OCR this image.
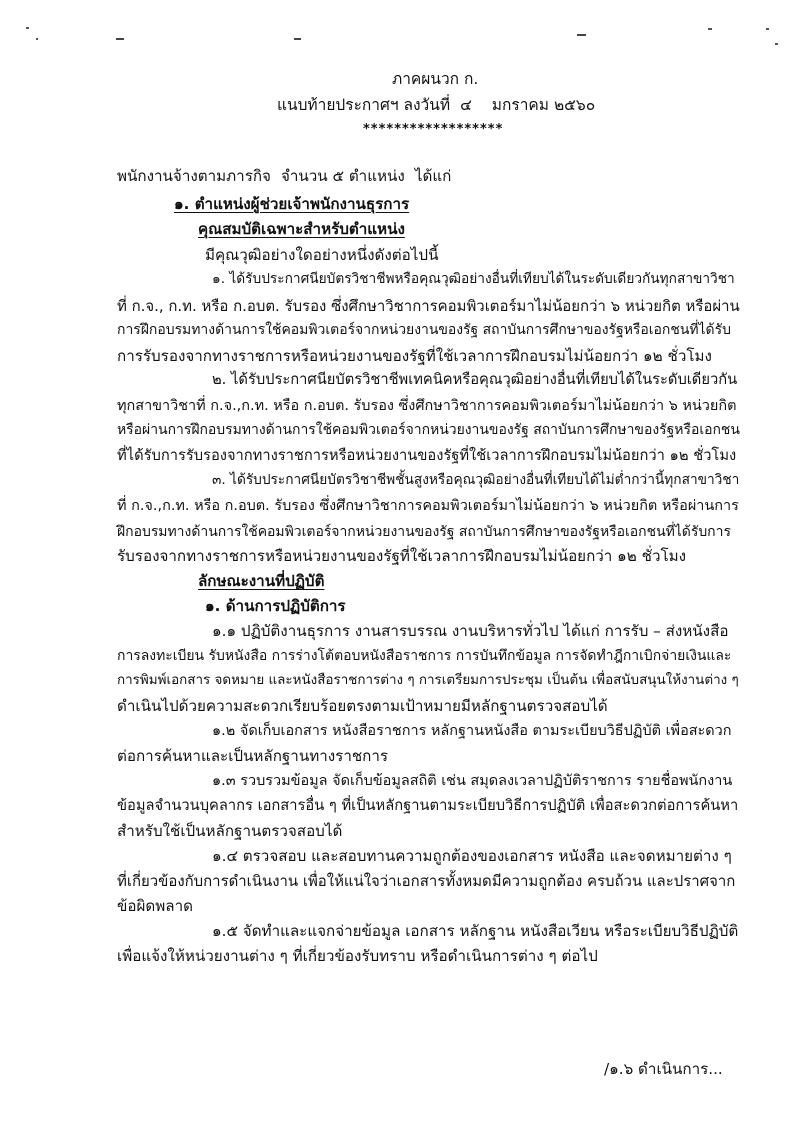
ภาคผนวก ก.
แนบท้ายประกาศฯ ลงวันที่ ๔ มกราคม ๒๕๖๐
******************
พนักงานจ้างตามภารกิจ จำนวน ๕ ตำแหน่ง ได้แก่
๑. ตำแหน่งผู้ช่วยเจ้าพนักงานธุรการ
คุณสมบัติเฉพาะสำหรับตำแหน่ง
มีคุณวุฒิอย่างใดอย่างหนึ่งดังต่อไปนี้
๑. ได้รับประกาศนียบัตรวิชาชีพหรือคุณวุฒิอย่างอื่นที่เทียบได้ในระดับเดียวกันทุกสาขาวิชา
ที่ ก.จ., ก.ท. หรือ ก.อบต. รับรอง ซึ่งศึกษาวิชาการคอมพิวเตอร์มาไม่น้อยกว่า ๖ หน่วยกิต หรือผ่าน
การฝึกอบรมทางด้านการใช้คอมพิวเตอร์จากหน่วยงานของรัฐ สถาบันการศึกษาของรัฐหรือเอกชนที่ได้รับ
การรับรองจากทางราชการหรือหน่วยงานของรัฐที่ใช้เวลาการฝึกอบรมไม่น้อยกว่า ๑๒ ชั่วโมง
๒. ได้รับประกาศนียบัตรวิชาชีพเทคนิคหรือคุณวุฒิอย่างอื่นที่เทียบได้ในระดับเดียวกัน
ทุกสาขาวิชาที่ ก.จ.,ก.ท. หรือ ก.อบต. รับรอง ซึ่งศึกษาวิชาการคอมพิวเตอร์มาไม่น้อยกว่า ๖ หน่วยกิต
หรือผ่านการฝึกอบรมทางด้านการใช้คอมพิวเตอร์จากหน่วยงานของรัฐ สถาบันการศึกษาของรัฐหรือเอกชน
ที่ได้รับการรับรองจากทางราชการหรือหน่วยงานของรัฐที่ใช้เวลาการฝึกอบรมไม่น้อยกว่า ๑๒ ชั่วโมง
๓. ได้รับประกาศนียบัตรวิชาชีพชั้นสูงหรือคุณวุฒิอย่างอื่นที่เทียบได้ไม่ต่ำกว่านี้ทุกสาขาวิชา
ที่ ก.จ.,ก.ท. หรือ ก.อบต. รับรอง ซึ่งศึกษาวิชาการคอมพิวเตอร์มาไม่น้อยกว่า ๖ หน่วยกิต หรือผ่านการ
ฝึกอบรมทางด้านการใช้คอมพิวเตอร์จากหน่วยงานของรัฐ สถาบันการศึกษาของรัฐหรือเอกชนที่ได้รับการ
รับรองจากทางราชการหรือหน่วยงานของรัฐที่ใช้เวลาการฝึกอบรมไม่น้อยกว่า ๑๒ ชั่วโมง
ลักษณะงานที่ปฏิบัติ
๑. ด้านการปฏิบัติการ
๑.๑ ปฏิบัติงานธุรการ งานสารบรรณ งานบริหารทั่วไป ได้แก่ การรับ – ส่งหนังสือ
การลงทะเบียน รับหนังสือ การร่างโต้ตอบหนังสือราชการ การบันทึกข้อมูล การจัดทำฎีกาเบิกจ่ายเงินและ
การพิมพ์เอกสาร จดหมาย และหนังสือราชการต่าง ๆ การเตรียมการประชุม เป็นต้น เพื่อสนับสนุนให้งานต่าง ๆ
ดำเนินไปด้วยความสะดวกเรียบร้อยตรงตามเป้าหมายมีหลักฐานตรวจสอบได้
๑.๒ จัดเก็บเอกสาร หนังสือราชการ หลักฐานหนังสือ ตามระเบียบวิธีปฏิบัติ เพื่อสะดวก
ต่อการค้นหาและเป็นหลักฐานทางราชการ
๑.๓ รวบรวมข้อมูล จัดเก็บข้อมูลสถิติ เช่น สมุดลงเวลาปฏิบัติราชการ รายชื่อพนักงาน
ข้อมูลจำนวนบุคลากร เอกสารอื่น ๆ ที่เป็นหลักฐานตามระเบียบวิธีการปฏิบัติ เพื่อสะดวกต่อการค้นหา
สำหรับใช้เป็นหลักฐานตรวจสอบได้
๑.๔ ตรวจสอบ และสอบทานความถูกต้องของเอกสาร หนังสือ และจดหมายต่าง ๆ
ที่เกี่ยวข้องกับการดำเนินงาน เพื่อให้แน่ใจว่าเอกสารทั้งหมดมีความถูกต้อง ครบถ้วน และปราศจาก
ข้อผิดพลาด
๑.๕ จัดทำและแจกจ่ายข้อมูล เอกสาร หลักฐาน หนังสือเวียน หรือระเบียบวิธีปฏิบัติ
เพื่อแจ้งให้หน่วยงานต่าง ๆ ที่เกี่ยวข้องรับทราบ หรือดำเนินการต่าง ๆ ต่อไป
/๑.๖ ดำเนินการ...
